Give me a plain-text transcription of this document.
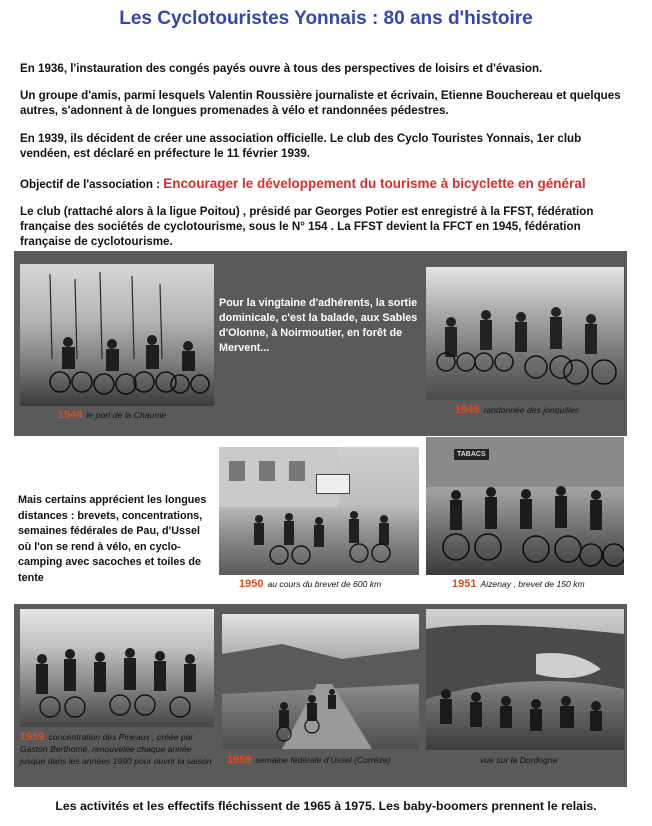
Les Cyclotouristes Yonnais : 80 ans d'histoire
En 1936, l'instauration des congés payés ouvre à tous des perspectives de loisirs et d'évasion.
Un groupe d'amis, parmi lesquels Valentin Roussière journaliste et écrivain, Etienne Bouchereau et quelques autres, s'adonnent à de longues promenades à vélo et randonnées pédestres.
En 1939, ils décident de créer une association officielle. Le club des Cyclo Touristes Yonnais, 1er club vendéen, est déclaré en préfecture le 11 février 1939.
Objectif de l'association : Encourager le développement du tourisme à bicyclette en général
Le club (rattaché alors à la ligue Poitou) , présidé par Georges Potier est enregistré à la FFST, fédération française des sociétés de cyclotourisme, sous le N° 154 . La FFST devient la FFCT en 1945, fédération française de cyclotourisme.
1948 le port de la Chaume
Pour la vingtaine d'adhérents, la sortie dominicale, c'est la balade, aux Sables d'Olonne, à Noirmoutier, en forêt de Mervent...
1949 randonnée des jonquilles
Mais certains apprécient les longues distances : brevets, concentrations, semaines fédérales de Pau, d'Ussel où l'on se rend à vélo, en cyclo-camping avec sacoches et toiles de tente
1950 au cours du brevet de 600 km
TABACS
1951 Aizenay , brevet de 150 km
1959 concentration des Pineaux , créée par Gaston Berthomé, renouvelée chaque année jusque dans les années 1990 pour ouvrir la saison 1959 semaine fédérale d'Ussel (Corrèze)	vue sur la Dordogne
Les activités et les effectifs fléchissent de 1965 à 1975. Les baby-boomers prennent le relais.
